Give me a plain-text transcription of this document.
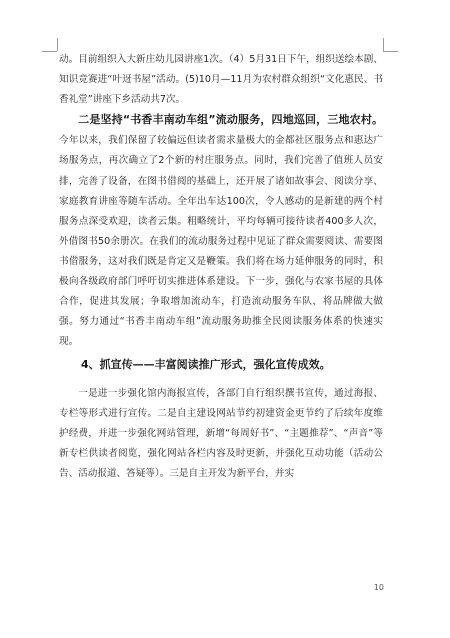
动。目前组织入大新庄幼儿园讲座1次。（4）5月31日下午，组织送绘本剧、知识竞赛进“叶迓书屋”活动。(5)10月—11月为农村群众组织“文化惠民、书香礼堂”讲座下乡活动共7次。

二是坚持“书香丰南动车组”流动服务，四地巡回，三地农村。今年以来，我们保留了较偏远但读者需求量极大的金都社区服务点和惠达广场服务点，再次确立了2个新的村庄服务点。同时，我们完善了值班人员安排，完善了设备，在图书借阅的基础上，还开展了诸如故事会、阅读分享、家庭教育讲座等随车活动。全年出车达100次，令人感动的是新建的两个村服务点深受欢迎，读者云集。粗略统计，平均每辆可接待读者400多人次，外借图书50余册次。在我们的流动服务过程中见证了群众需要阅读、需要图书借服务，这对我们既是肯定又是鞭策。我们将在场力延伸服务的同时，积极向各级政府部门呼吁切实推进体系建设。下一步，强化与农家书屋的具体合作，促进其发展；争取增加流动车，打造流动服务车队，将品牌做大做强。努力通过“书香丰南动车组”流动服务助推全民阅读服务体系的快速实现。

4、抓宣传——丰富阅读推广形式，强化宣传成效。

一是进一步强化馆内海报宣传，各部门自行组织撰书宣传，通过海报、专栏等形式进行宣传。二是自主建设网站节约初建资金更节约了后续年度维护经费，并进一步强化网站管理，新增“每周好书”、“主题推荐”、“声音”等新专栏供读者阅览，强化网站各栏内容及时更新，并强化互动功能（活动公告、活动报道、答疑等）。三是自主开发为新平台，并实

10
